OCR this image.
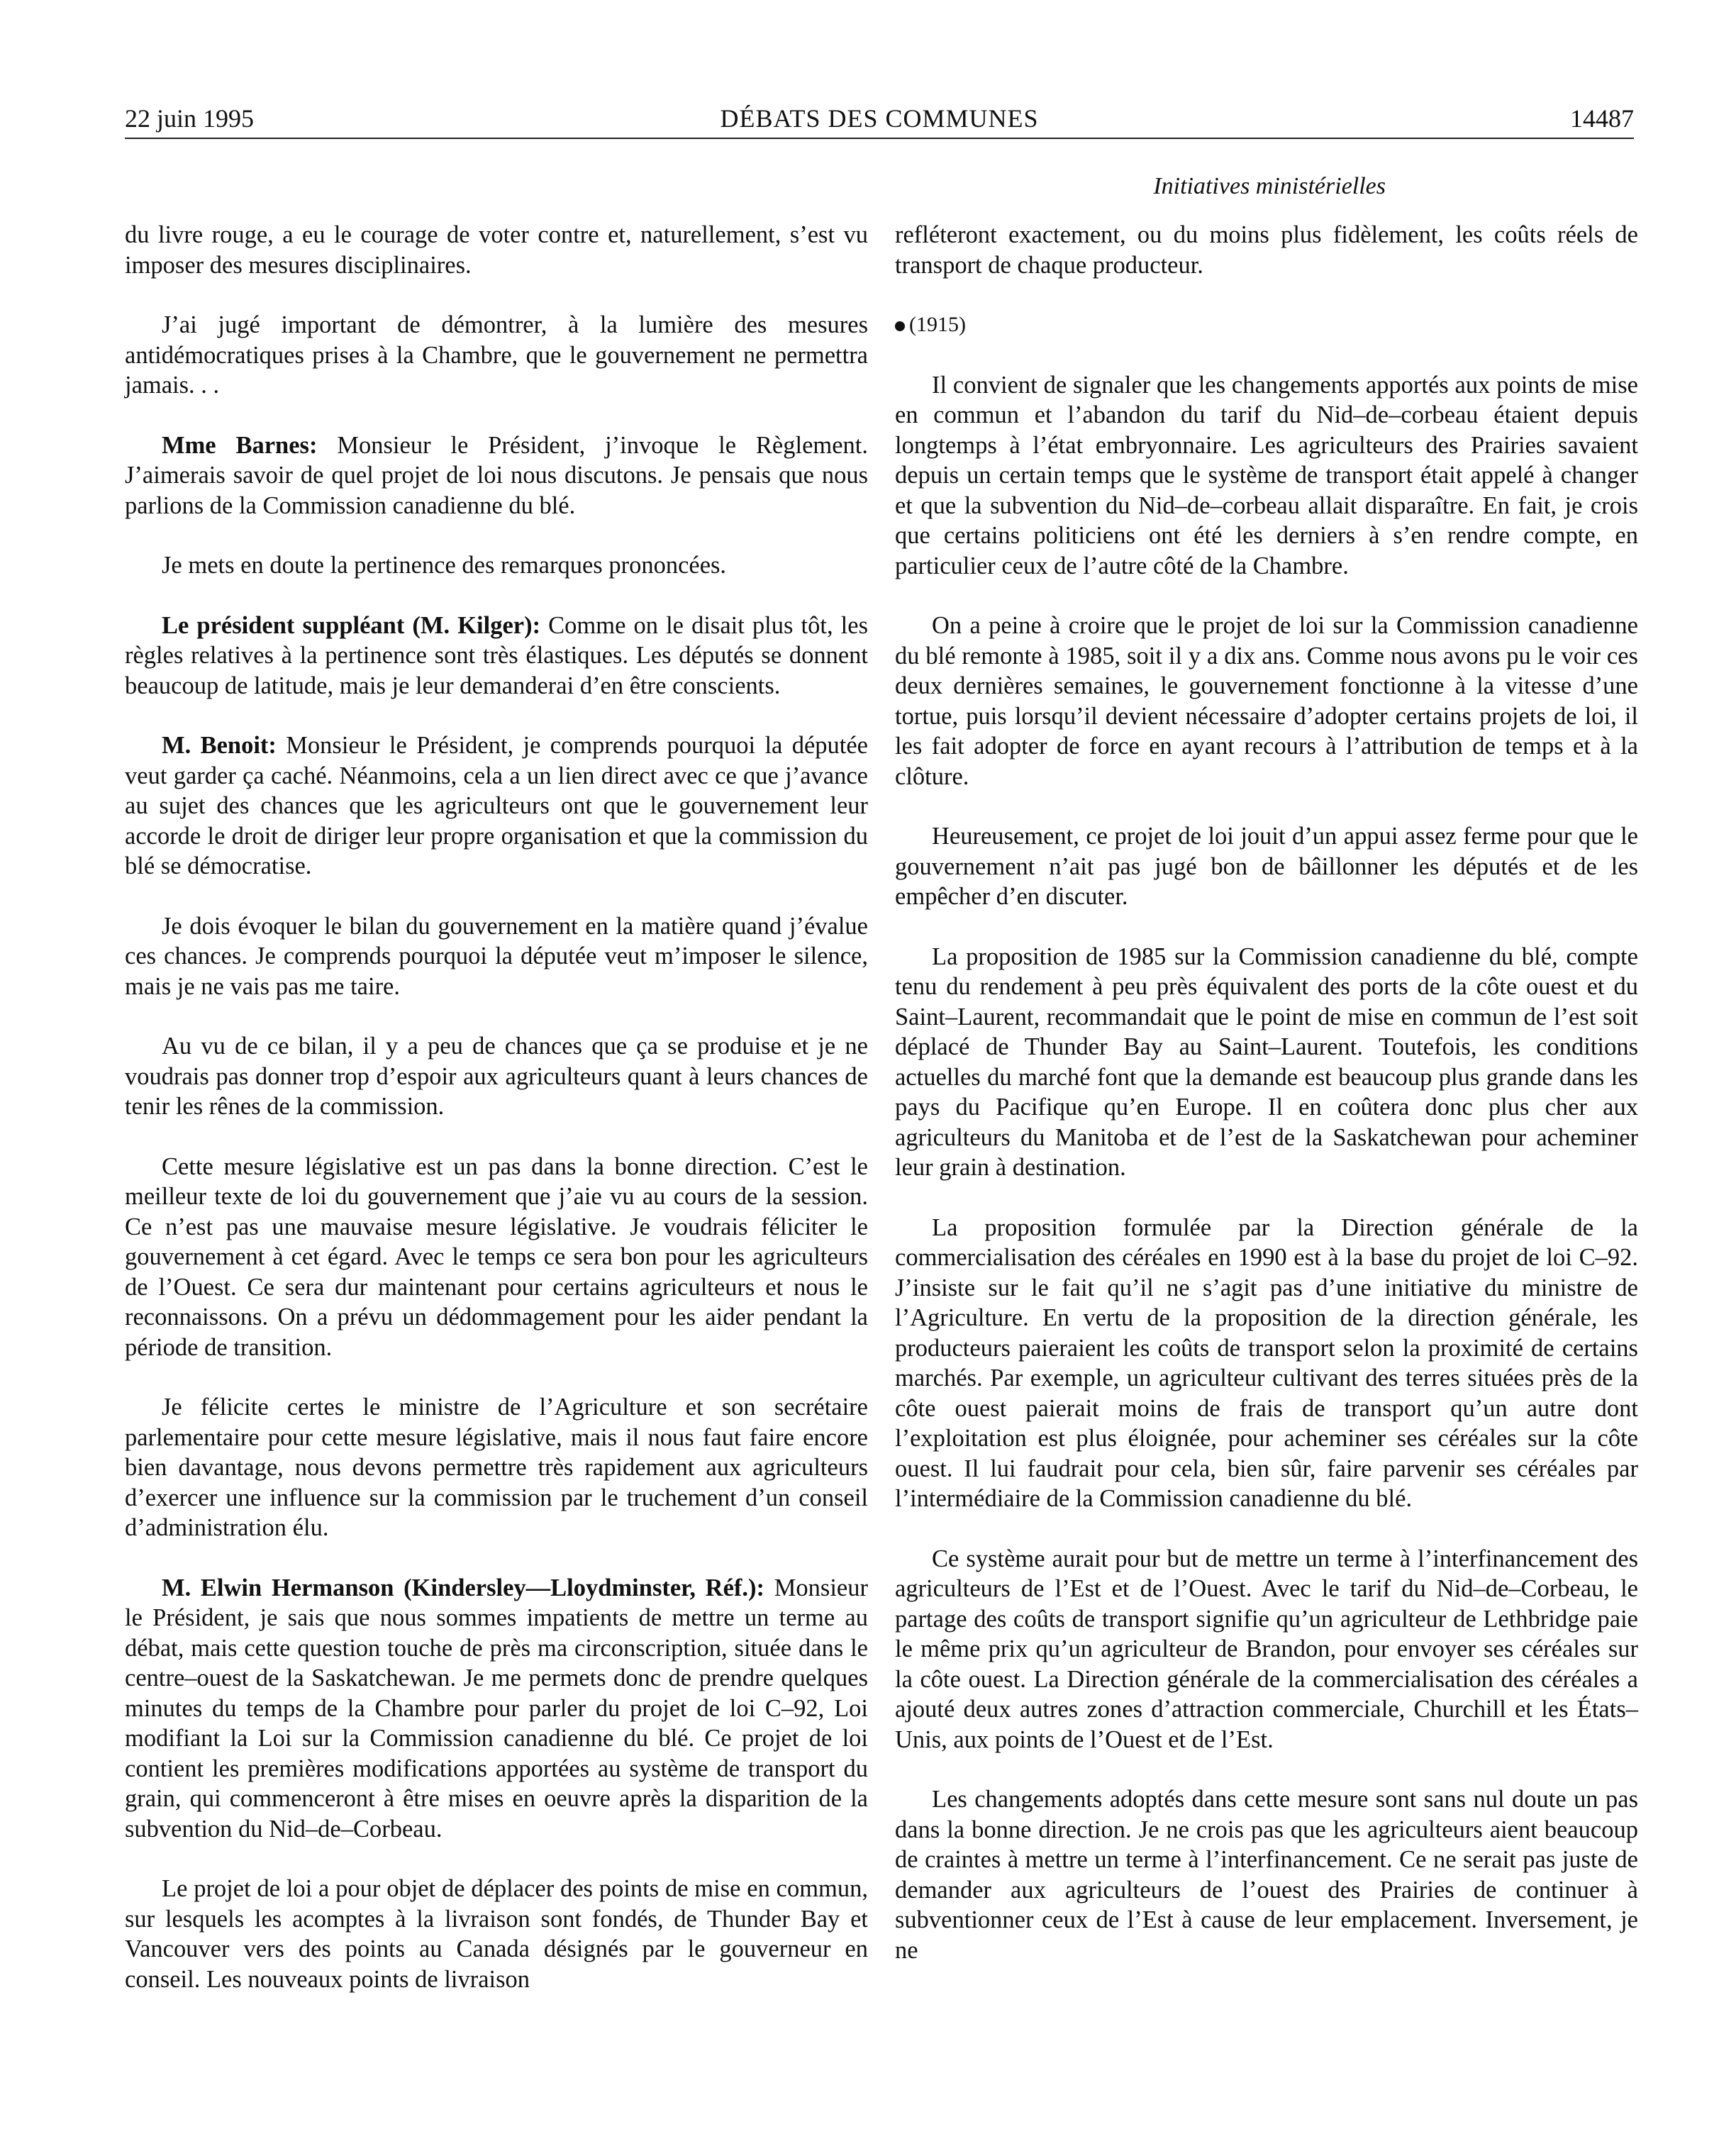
22 juin 1995	DÉBATS DES COMMUNES	14487
Initiatives ministérielles

du livre rouge, a eu le courage de voter contre et, naturellement, s’est vu imposer des mesures disciplinaires.

J’ai jugé important de démontrer, à la lumière des mesures antidémocratiques prises à la Chambre, que le gouvernement ne permettra jamais. . .

Mme Barnes: Monsieur le Président, j’invoque le Règlement. J’aimerais savoir de quel projet de loi nous discutons. Je pensais que nous parlions de la Commission canadienne du blé.

Je mets en doute la pertinence des remarques prononcées.

Le président suppléant (M. Kilger): Comme on le disait plus tôt, les règles relatives à la pertinence sont très élastiques. Les députés se donnent beaucoup de latitude, mais je leur demanderai d’en être conscients.

M. Benoit: Monsieur le Président, je comprends pourquoi la députée veut garder ça caché. Néanmoins, cela a un lien direct avec ce que j’avance au sujet des chances que les agriculteurs ont que le gouvernement leur accorde le droit de diriger leur propre organisation et que la commission du blé se démocratise.

Je dois évoquer le bilan du gouvernement en la matière quand j’évalue ces chances. Je comprends pourquoi la députée veut m’imposer le silence, mais je ne vais pas me taire.

Au vu de ce bilan, il y a peu de chances que ça se produise et je ne voudrais pas donner trop d’espoir aux agriculteurs quant à leurs chances de tenir les rênes de la commission.

Cette mesure législative est un pas dans la bonne direction. C’est le meilleur texte de loi du gouvernement que j’aie vu au cours de la session. Ce n’est pas une mauvaise mesure législative. Je voudrais féliciter le gouvernement à cet égard. Avec le temps ce sera bon pour les agriculteurs de l’Ouest. Ce sera dur maintenant pour certains agriculteurs et nous le reconnaissons. On a prévu un dédommagement pour les aider pendant la période de transition.

Je félicite certes le ministre de l’Agriculture et son secrétaire parlementaire pour cette mesure législative, mais il nous faut faire encore bien davantage, nous devons permettre très rapidement aux agriculteurs d’exercer une influence sur la commission par le truchement d’un conseil d’administration élu.

M. Elwin Hermanson (Kindersley—Lloydminster, Réf.): Monsieur le Président, je sais que nous sommes impatients de mettre un terme au débat, mais cette question touche de près ma circonscription, située dans le centre–ouest de la Saskatchewan. Je me permets donc de prendre quelques minutes du temps de la Chambre pour parler du projet de loi C–92, Loi modifiant la Loi sur la Commission canadienne du blé. Ce projet de loi contient les premières modifications apportées au système de transport du grain, qui commenceront à être mises en oeuvre après la disparition de la subvention du Nid–de–Corbeau.

Le projet de loi a pour objet de déplacer des points de mise en commun, sur lesquels les acomptes à la livraison sont fondés, de Thunder Bay et Vancouver vers des points au Canada désignés par le gouverneur en conseil. Les nouveaux points de livraison

refléteront exactement, ou du moins plus fidèlement, les coûts réels de transport de chaque producteur.

(1915)

Il convient de signaler que les changements apportés aux points de mise en commun et l’abandon du tarif du Nid–de–corbeau étaient depuis longtemps à l’état embryonnaire. Les agriculteurs des Prairies savaient depuis un certain temps que le système de transport était appelé à changer et que la subvention du Nid–de–corbeau allait disparaître. En fait, je crois que certains politiciens ont été les derniers à s’en rendre compte, en particulier ceux de l’autre côté de la Chambre.

On a peine à croire que le projet de loi sur la Commission canadienne du blé remonte à 1985, soit il y a dix ans. Comme nous avons pu le voir ces deux dernières semaines, le gouvernement fonctionne à la vitesse d’une tortue, puis lorsqu’il devient nécessaire d’adopter certains projets de loi, il les fait adopter de force en ayant recours à l’attribution de temps et à la clôture.

Heureusement, ce projet de loi jouit d’un appui assez ferme pour que le gouvernement n’ait pas jugé bon de bâillonner les députés et de les empêcher d’en discuter.

La proposition de 1985 sur la Commission canadienne du blé, compte tenu du rendement à peu près équivalent des ports de la côte ouest et du Saint–Laurent, recommandait que le point de mise en commun de l’est soit déplacé de Thunder Bay au Saint–Laurent. Toutefois, les conditions actuelles du marché font que la demande est beaucoup plus grande dans les pays du Pacifique qu’en Europe. Il en coûtera donc plus cher aux agriculteurs du Manitoba et de l’est de la Saskatchewan pour acheminer leur grain à destination.

La proposition formulée par la Direction générale de la commercialisation des céréales en 1990 est à la base du projet de loi C–92. J’insiste sur le fait qu’il ne s’agit pas d’une initiative du ministre de l’Agriculture. En vertu de la proposition de la direction générale, les producteurs paieraient les coûts de transport selon la proximité de certains marchés. Par exemple, un agriculteur cultivant des terres situées près de la côte ouest paierait moins de frais de transport qu’un autre dont l’exploitation est plus éloignée, pour acheminer ses céréales sur la côte ouest. Il lui faudrait pour cela, bien sûr, faire parvenir ses céréales par l’intermédiaire de la Commission canadienne du blé.

Ce système aurait pour but de mettre un terme à l’interfinancement des agriculteurs de l’Est et de l’Ouest. Avec le tarif du Nid–de–Corbeau, le partage des coûts de transport signifie qu’un agriculteur de Lethbridge paie le même prix qu’un agriculteur de Brandon, pour envoyer ses céréales sur la côte ouest. La Direction générale de la commercialisation des céréales a ajouté deux autres zones d’attraction commerciale, Churchill et les États–Unis, aux points de l’Ouest et de l’Est.

Les changements adoptés dans cette mesure sont sans nul doute un pas dans la bonne direction. Je ne crois pas que les agriculteurs aient beaucoup de craintes à mettre un terme à l’interfinancement. Ce ne serait pas juste de demander aux agriculteurs de l’ouest des Prairies de continuer à subventionner ceux de l’Est à cause de leur emplacement. Inversement, je ne
